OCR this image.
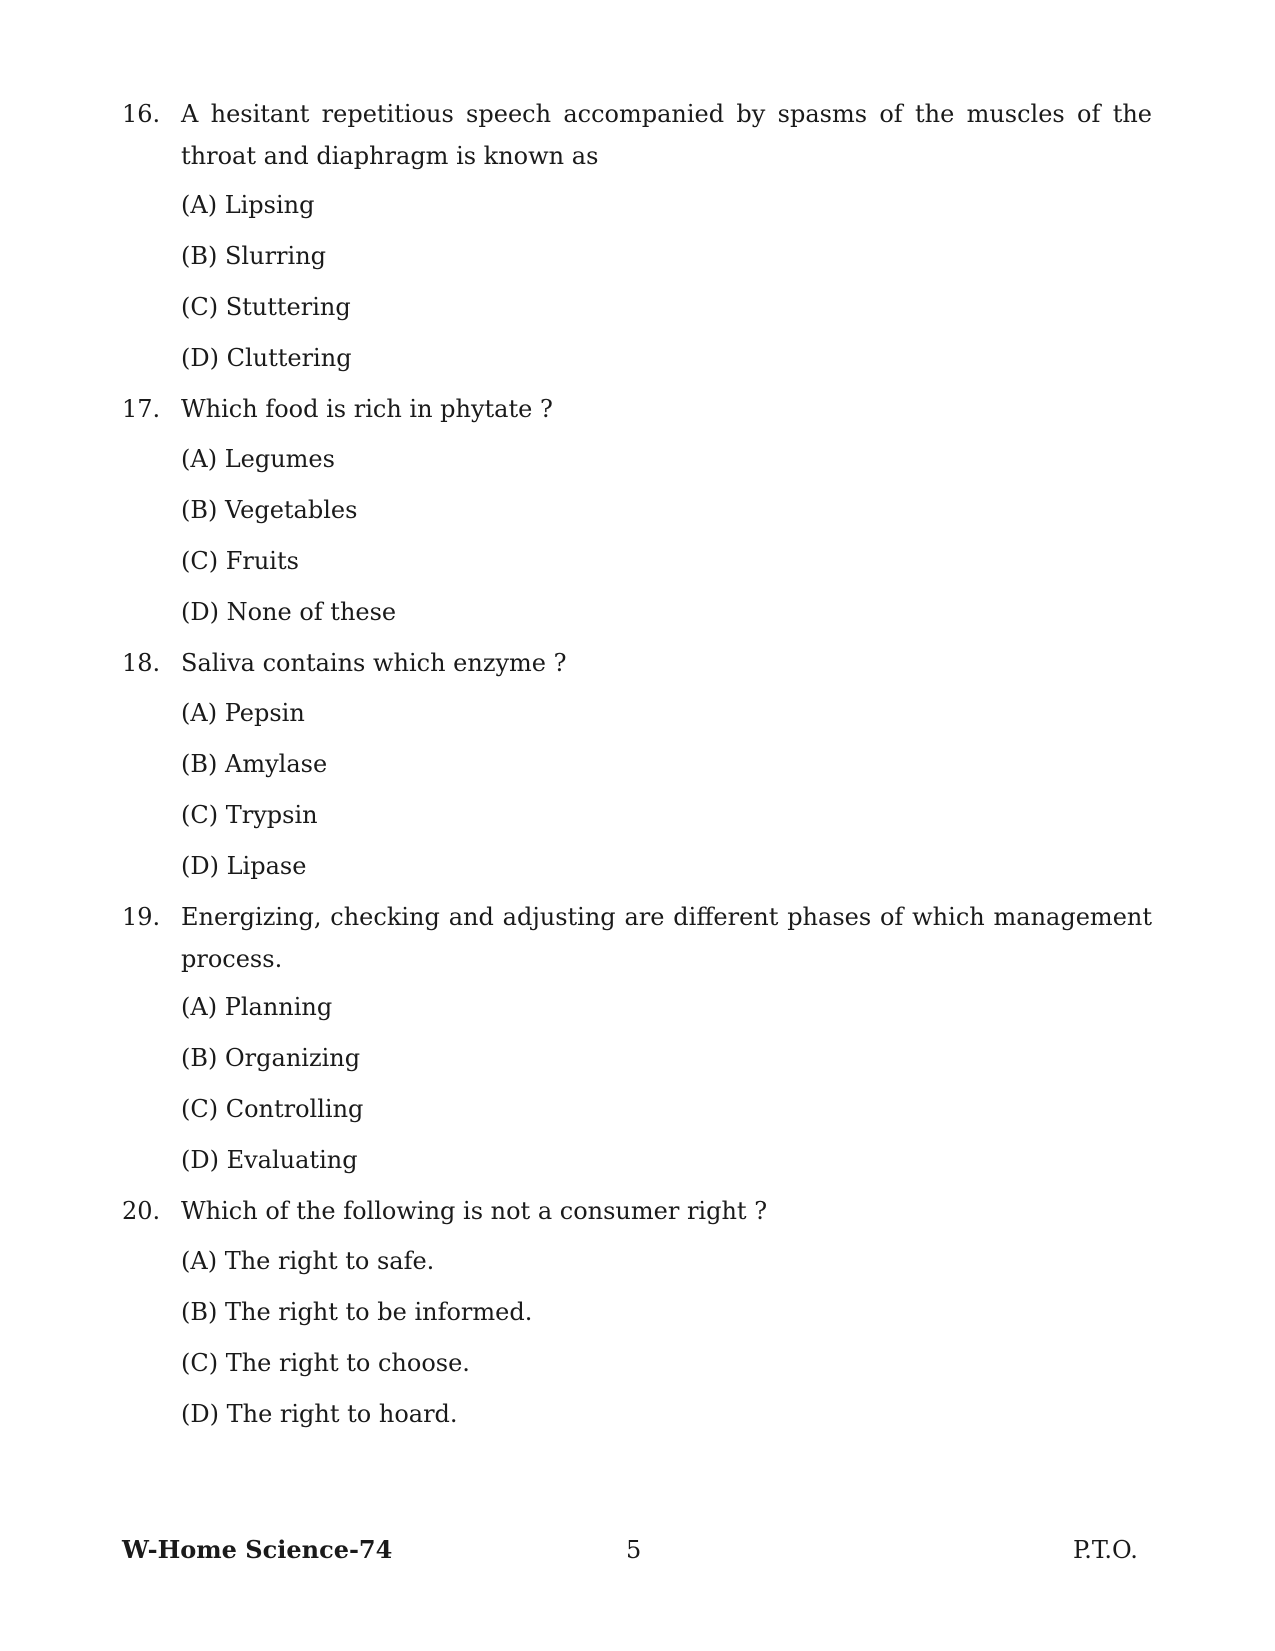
16. A hesitant repetitious speech accompanied by spasms of the muscles of the throat and diaphragm is known as
(A) Lipsing
(B) Slurring
(C) Stuttering
(D) Cluttering
17. Which food is rich in phytate ?
(A) Legumes
(B) Vegetables
(C) Fruits
(D) None of these
18. Saliva contains which enzyme ?
(A) Pepsin
(B) Amylase
(C) Trypsin
(D) Lipase
19. Energizing, checking and adjusting are different phases of which management process.
(A) Planning
(B) Organizing
(C) Controlling
(D) Evaluating
20. Which of the following is not a consumer right ?
(A) The right to safe.
(B) The right to be informed.
(C) The right to choose.
(D) The right to hoard.
W-Home Science-74	5	P.T.O.
